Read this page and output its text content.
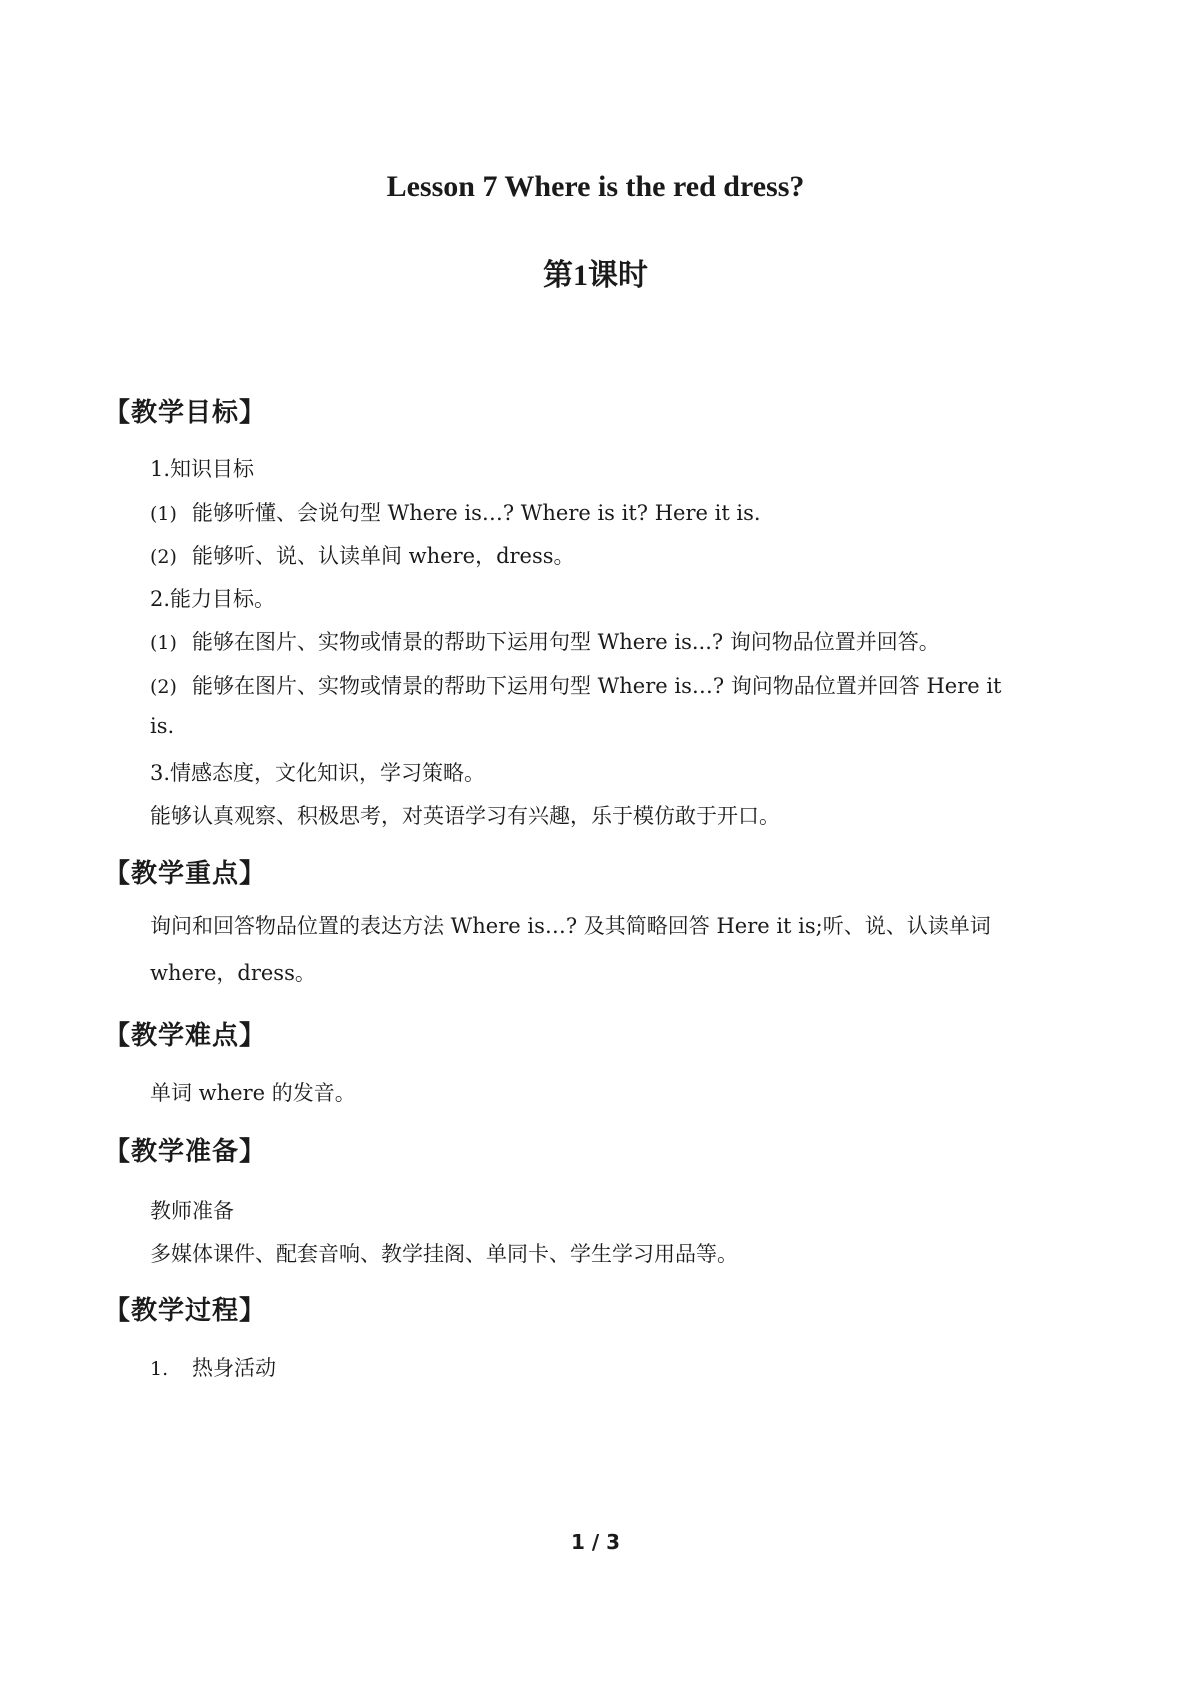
Lesson 7 Where is the red dress?
第1课时
【教学目标】
1.知识目标
(1) 能够听懂、会说句型 Where is…? Where is it? Here it is.
(2) 能够听、说、认读单间 where，dress。
2.能力目标。
(1) 能够在图片、实物或情景的帮助下运用句型 Where is...? 询问物品位置并回答。
(2) 能够在图片、实物或情景的帮助下运用句型 Where is…? 询问物品位置并回答 Here it
is.
3.情感态度，文化知识，学习策略。
能够认真观察、积极思考，对英语学习有兴趣，乐于模仿敢于开口。
【教学重点】
询问和回答物品位置的表达方法 Where is…? 及其简略回答 Here it is;听、说、认读单词 where，dress。
【教学难点】
单词 where 的发音。
【教学准备】
教师准备
多媒体课件、配套音响、教学挂阁、单同卡、学生学习用品等。
【教学过程】
1. 热身活动
1 / 3
